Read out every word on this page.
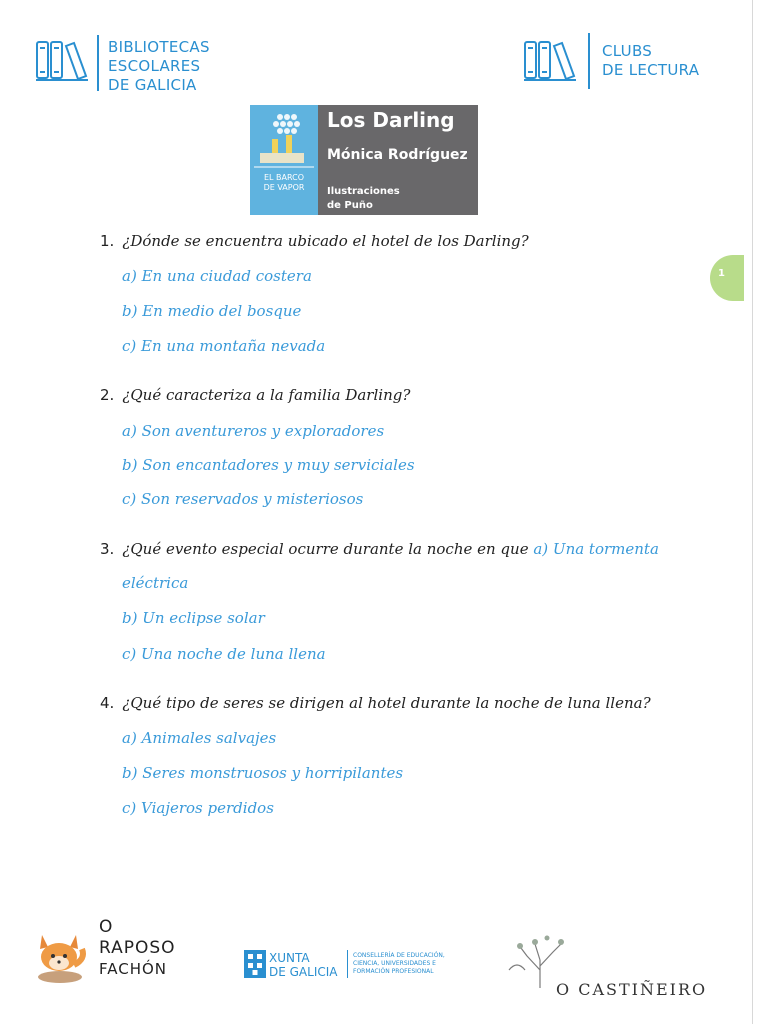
BIBLIOTECAS
ESCOLARES
DE GALICIA
CLUBS
DE LECTURA
EL BARCO
DE VAPOR
Los Darling
Mónica Rodríguez
Ilustraciones
de Puño
1
1. ¿Dónde se encuentra ubicado el hotel de los Darling?
a) En una ciudad costera
b) En medio del bosque
c) En una montaña nevada
2. ¿Qué caracteriza a la familia Darling?
a) Son aventureros y exploradores
b) Son encantadores y muy serviciales
c) Son reservados y misteriosos
3. ¿Qué evento especial ocurre durante la noche en que a) Una tormenta
eléctrica
b) Un eclipse solar
c) Una noche de luna llena
4. ¿Qué tipo de seres se dirigen al hotel durante la noche de luna llena?
a) Animales salvajes
b) Seres monstruosos y horripilantes
c) Viajeros perdidos
O
RAPOSO
FACHÓN
XUNTA
DE GALICIA
CONSELLERÍA DE EDUCACIÓN,
CIENCIA, UNIVERSIDADES E
FORMACIÓN PROFESIONAL
O CASTIÑEIRO
